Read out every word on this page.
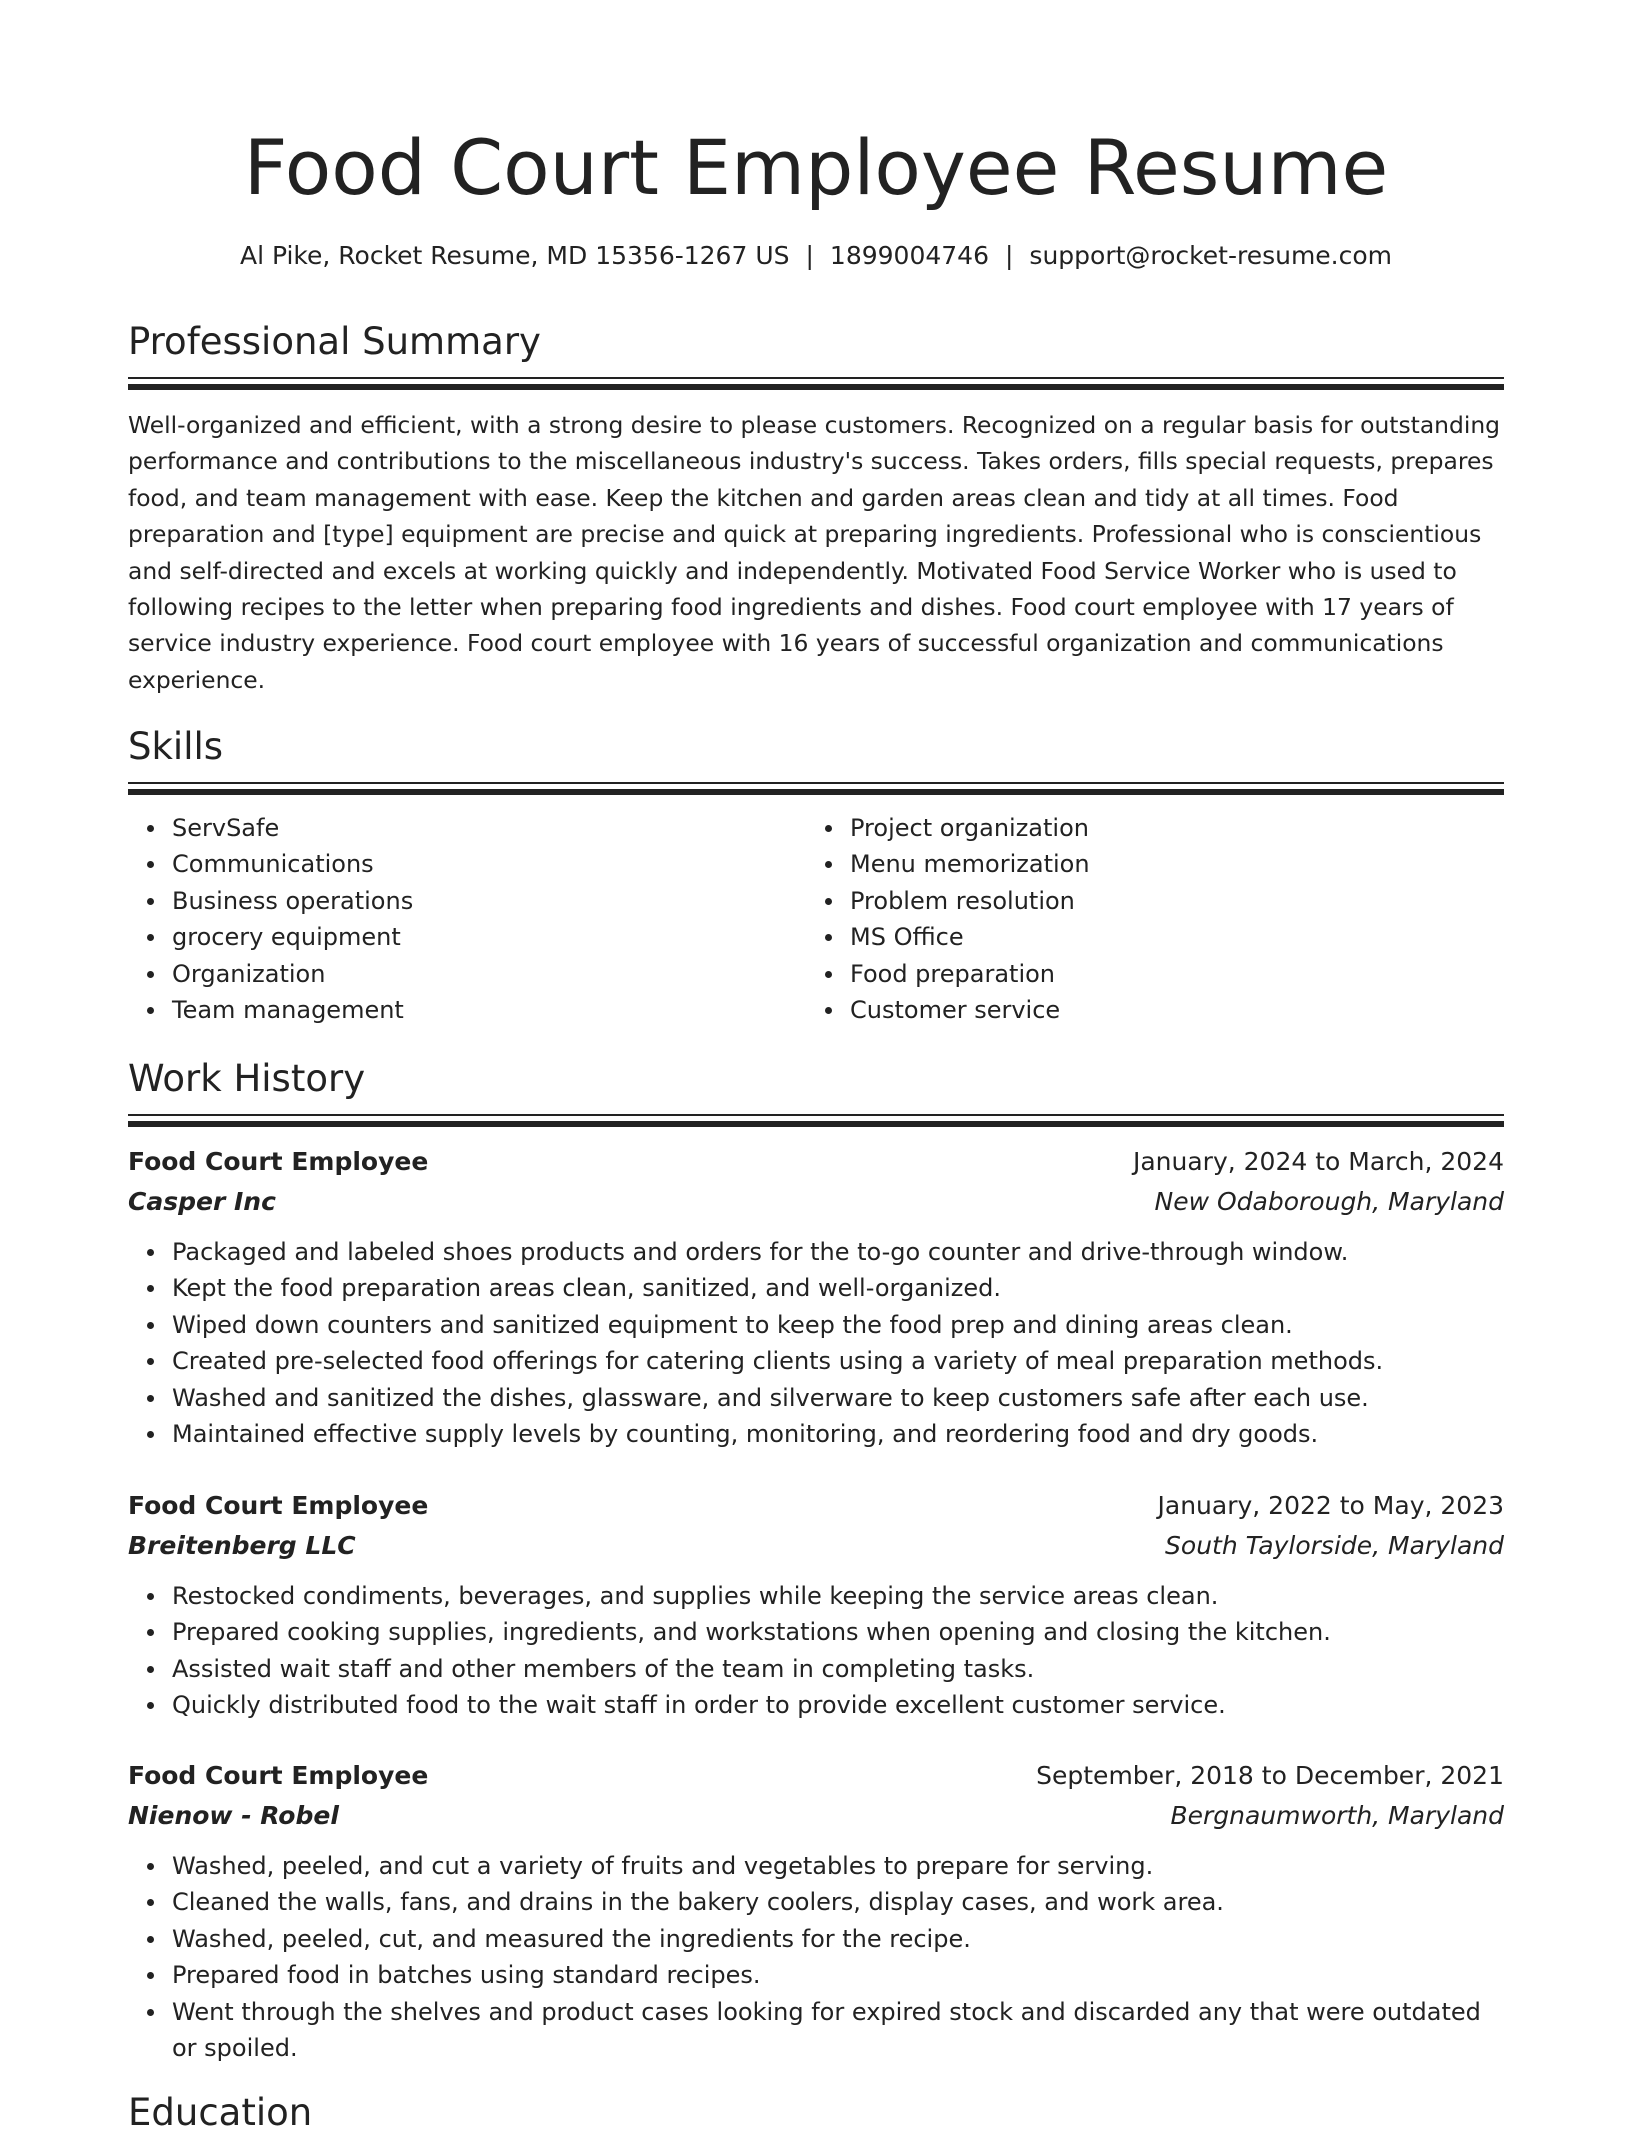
Food Court Employee Resume
Al Pike, Rocket Resume, MD 15356-1267 US | 1899004746 | support@rocket-resume.com
Professional Summary

Well-organized and efficient, with a strong desire to please customers. Recognized on a regular basis for outstanding performance and contributions to the miscellaneous industry's success. Takes orders, fills special requests, prepares food, and team management with ease. Keep the kitchen and garden areas clean and tidy at all times. Food preparation and [type] equipment are precise and quick at preparing ingredients. Professional who is conscientious and self-directed and excels at working quickly and independently. Motivated Food Service Worker who is used to following recipes to the letter when preparing food ingredients and dishes. Food court employee with 17 years of service industry experience. Food court employee with 16 years of successful organization and communications experience.

Skills
ServSafe
Communications
Business operations
grocery equipment
Organization
Team management
Project organization
Menu memorization
Problem resolution
MS Office
Food preparation
Customer service
Work History
Food Court Employee	January, 2024 to March, 2024
Casper Inc	New Odaborough, Maryland
Packaged and labeled shoes products and orders for the to-go counter and drive-through window.
Kept the food preparation areas clean, sanitized, and well-organized.
Wiped down counters and sanitized equipment to keep the food prep and dining areas clean.
Created pre-selected food offerings for catering clients using a variety of meal preparation methods.
Washed and sanitized the dishes, glassware, and silverware to keep customers safe after each use.
Maintained effective supply levels by counting, monitoring, and reordering food and dry goods.
Food Court Employee	January, 2022 to May, 2023
Breitenberg LLC	South Taylorside, Maryland
Restocked condiments, beverages, and supplies while keeping the service areas clean.
Prepared cooking supplies, ingredients, and workstations when opening and closing the kitchen.
Assisted wait staff and other members of the team in completing tasks.
Quickly distributed food to the wait staff in order to provide excellent customer service.
Food Court Employee	September, 2018 to December, 2021
Nienow - Robel	Bergnaumworth, Maryland
Washed, peeled, and cut a variety of fruits and vegetables to prepare for serving.
Cleaned the walls, fans, and drains in the bakery coolers, display cases, and work area.
Washed, peeled, cut, and measured the ingredients for the recipe.
Prepared food in batches using standard recipes.
Went through the shelves and product cases looking for expired stock and discarded any that were outdated or spoiled.
Education
